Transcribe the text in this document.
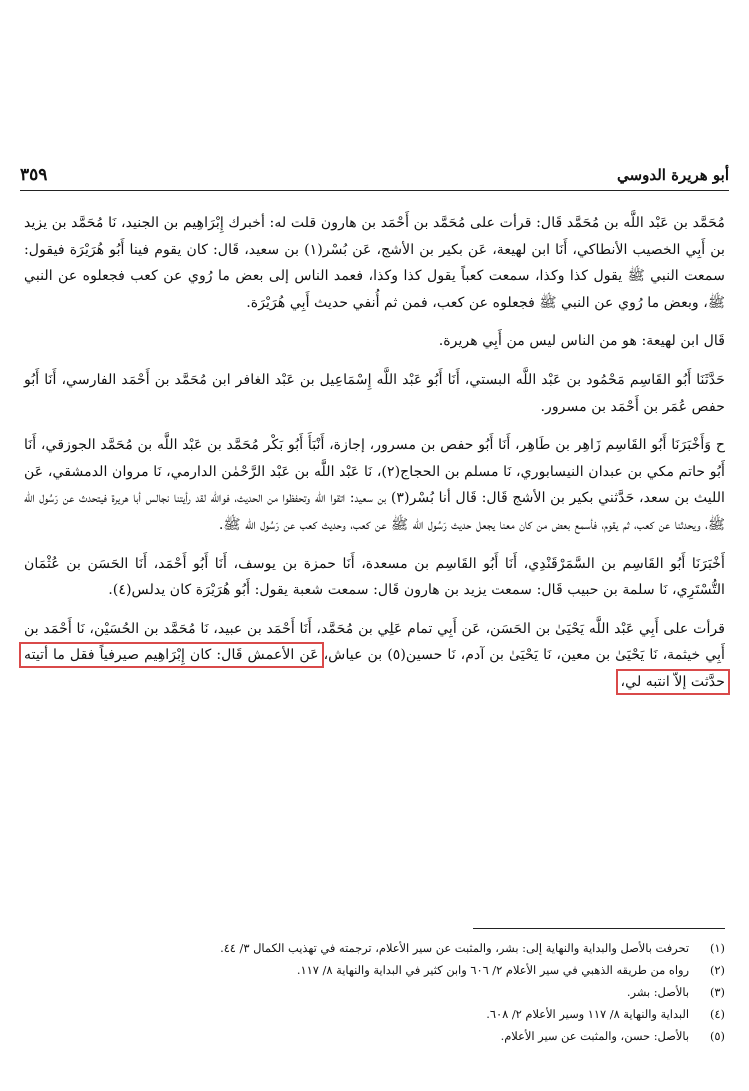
أبو هريرة الدوسي
٣٥٩

مُحَمَّد بن عَبْد اللَّه بن مُحَمَّد قَال: قرأت على مُحَمَّد بن أَحْمَد بن هارون قلت له: أخبرك إِبْرَاهِيم بن الجنيد، نَا مُحَمَّد بن يزيد بن أَبِي الخصيب الأنطاكي، أَنَا ابن لهيعة، عَن بكير بن الأشج، عَن بُسْر(١) بن سعيد، قَال: كان يقوم فينا أَبُو هُرَيْرَة فيقول: سمعت النبي ﷺ يقول كذا وكذا، سمعت كعباً يقول كذا وكذا، فعمد الناس إلى بعض ما رُوي عن كعب فجعلوه عن النبي ﷺ، وبعض ما رُوي عن النبي ﷺ فجعلوه عن كعب، فمن ثم أُنفي حديث أَبِي هُرَيْرَة.

قَال ابن لهيعة: هو من الناس ليس من أَبِي هريرة.

حَدَّثَنَا أَبُو القَاسِم مَحْمُود بن عَبْد اللَّه البستي، أَنَا أَبُو عَبْد اللَّه إِسْمَاعِيل بن عَبْد الغافر ابن مُحَمَّد بن أَحْمَد الفارسي، أَنَا أَبُو حفص عُمَر بن أَحْمَد بن مسرور.

ح وَأَخْبَرَنَا أَبُو القَاسِم زَاهِر بن طَاهِر، أَنَا أَبُو حفص بن مسرور، إجازة، أَنْبَأَ أَبُو بَكْر مُحَمَّد بن عَبْد اللَّه بن مُحَمَّد الجوزقي، أَنَا أَبُو حاتم مكي بن عبدان النيسابوري، نَا مسلم بن الحجاج(٢)، نَا عَبْد اللَّه بن عَبْد الرَّحْمٰن الدارمي، نَا مروان الدمشقي، عَن الليث بن سعد، حَدَّثني بكير بن الأشج قَال: قَال أنا بُسْر(٣) بن سعيد: اتقوا الله وتحفظوا من الحديث، فوالله لقد رأيتنا نجالس أبا هريرة فيتحدث عن رَسُول الله ﷺ، ويحدثنا عن كعب، ثم يقوم، فأسمع بعض من كان معنا يجعل حديث رَسُول الله ﷺ عن كعب، وحديث كعب عن رَسُول الله ﷺ.

أَخْبَرَنَا أَبُو القَاسِم بن السَّمَرْقَنْدِي، أَنَا أَبُو القَاسِم بن مسعدة، أَنَا حمزة بن يوسف، أَنَا أَبُو أَحْمَد، أَنَا الحَسَن بن عُثْمَان التُّسْتَرِي، نَا سلمة بن حبيب قَال: سمعت يزيد بن هارون قَال: سمعت شعبة يقول: أَبُو هُرَيْرَة كان يدلس(٤).

قرأت على أَبِي عَبْد اللَّه يَحْيَىٰ بن الحَسَن، عَن أَبِي تمام عَلِي بن مُحَمَّد، أَنَا أَحْمَد بن عبيد، نَا مُحَمَّد بن الحُسَيْن، نَا أَحْمَد بن أَبِي خيثمة، نَا يَحْيَىٰ بن معين، نَا يَحْيَىٰ بن آدم، نَا حسين(٥) بن عياش، عَن الأعمش قَال: كان إِبْرَاهِيم صيرفياً فقل ما أتيته حدَّثت إلاّ انتبه لي،

(١)
تحرفت بالأصل والبداية والنهاية إلى: بشر، والمثبت عن سير الأعلام، ترجمته في تهذيب الكمال ٣/ ٤٤.
(٢)
رواه من طريقه الذهبي في سير الأعلام ٢/ ٦٠٦ وابن كثير في البداية والنهاية ٨/ ١١٧.
(٣)
بالأصل: بشر.
(٤)
البداية والنهاية ٨/ ١١٧ وسير الأعلام ٢/ ٦٠٨.
(٥)
بالأصل: حسن، والمثبت عن سير الأعلام.
